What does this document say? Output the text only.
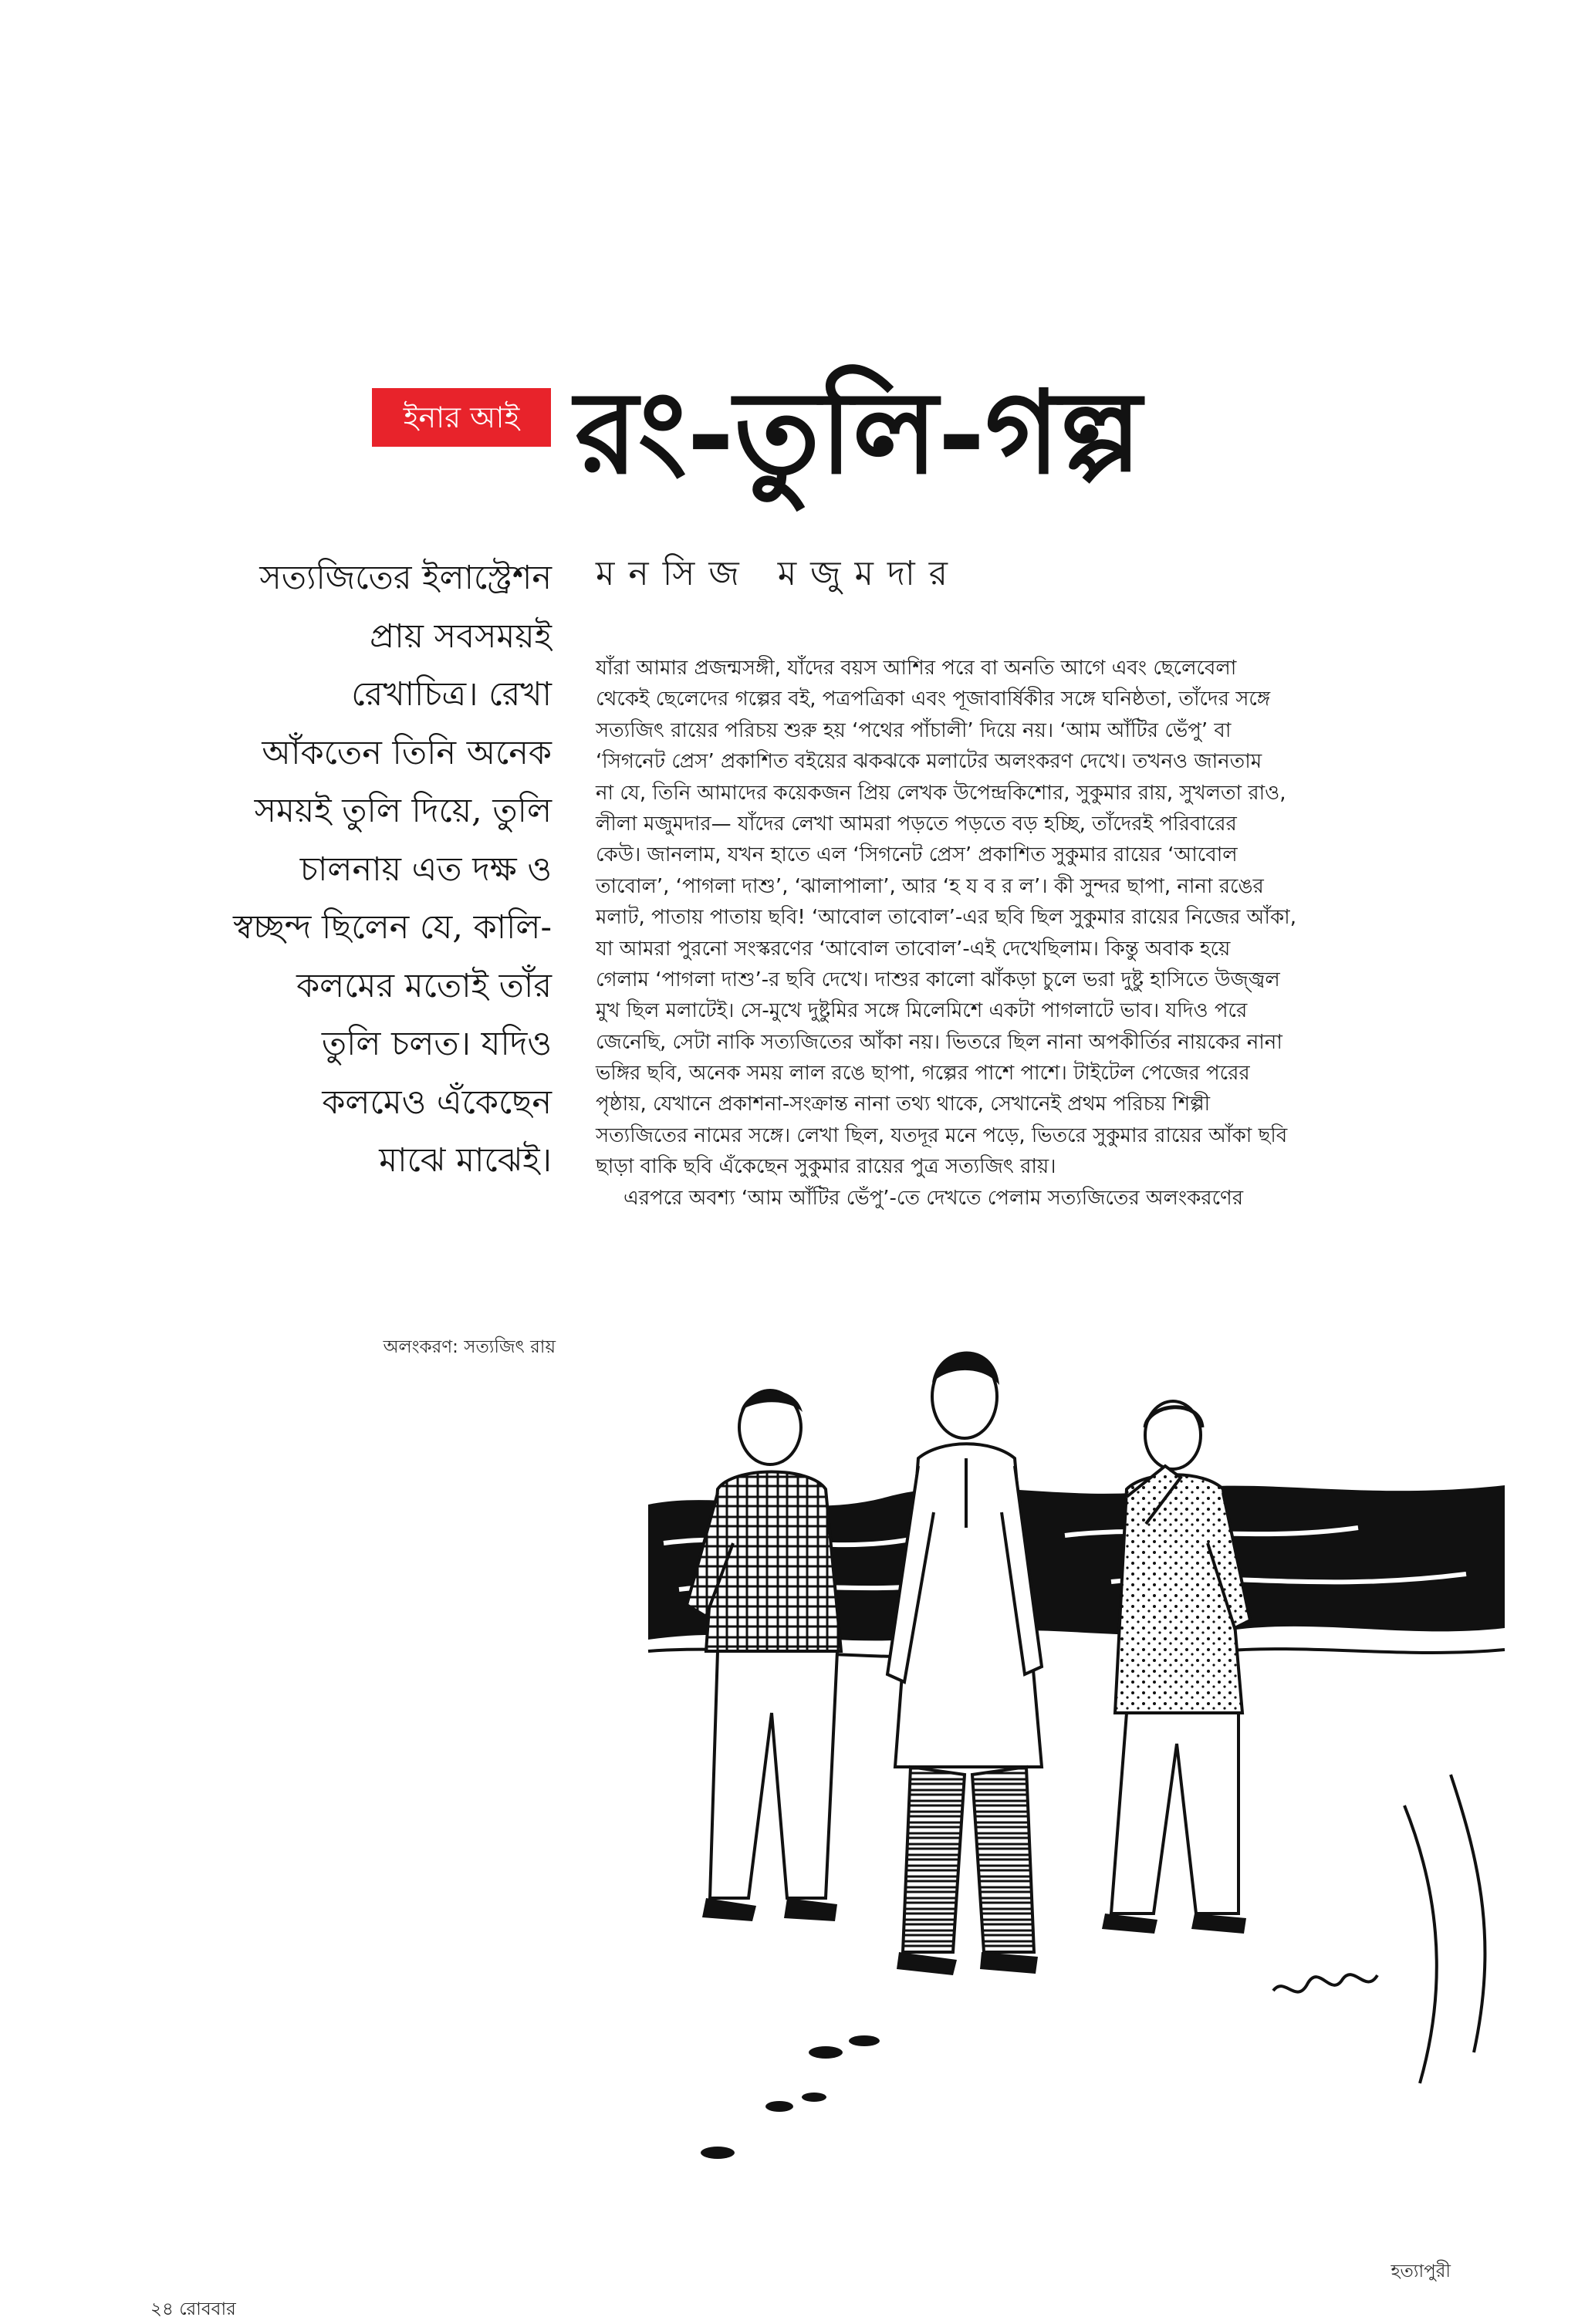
ইনার আই রং-তুলি-গল্প
মনসিজ মজুমদার
সত্যজিতের ইলাস্ট্রেশন
প্রায় সবসময়ই
রেখাচিত্র। রেখা
আঁকতেন তিনি অনেক
সময়ই তুলি দিয়ে, তুলি
চালনায় এত দক্ষ ও
স্বচ্ছন্দ ছিলেন যে, কালি-
কলমের মতোই তাঁর
তুলি চলত। যদিও
কলমেও এঁকেছেন
মাঝে মাঝেই।
যাঁরা আমার প্রজন্মসঙ্গী, যাঁদের বয়স আশির পরে বা অনতি আগে এবং ছেলেবেলা
থেকেই ছেলেদের গল্পের বই, পত্রপত্রিকা এবং পূজাবার্ষিকীর সঙ্গে ঘনিষ্ঠতা, তাঁদের সঙ্গে
সত্যজিৎ রায়ের পরিচয় শুরু হয় ‘পথের পাঁচালী’ দিয়ে নয়। ‘আম আঁটির ভেঁপু’ বা
‘সিগনেট প্রেস’ প্রকাশিত বইয়ের ঝকঝকে মলাটের অলংকরণ দেখে। তখনও জানতাম
না যে, তিনি আমাদের কয়েকজন প্রিয় লেখক উপেন্দ্রকিশোর, সুকুমার রায়, সুখলতা রাও,
লীলা মজুমদার— যাঁদের লেখা আমরা পড়তে পড়তে বড় হচ্ছি, তাঁদেরই পরিবারের
কেউ। জানলাম, যখন হাতে এল ‘সিগনেট প্রেস’ প্রকাশিত সুকুমার রায়ের ‘আবোল
তাবোল’, ‘পাগলা দাশু’, ‘ঝালাপালা’, আর ‘হ য ব র ল’। কী সুন্দর ছাপা, নানা রঙের
মলাট, পাতায় পাতায় ছবি! ‘আবোল তাবোল’-এর ছবি ছিল সুকুমার রায়ের নিজের আঁকা,
যা আমরা পুরনো সংস্করণের ‘আবোল তাবোল’-এই দেখেছিলাম। কিন্তু অবাক হয়ে
গেলাম ‘পাগলা দাশু’-র ছবি দেখে। দাশুর কালো ঝাঁকড়া চুলে ভরা দুষ্টু হাসিতে উজ্জ্বল
মুখ ছিল মলাটেই। সে-মুখে দুষ্টুমির সঙ্গে মিলেমিশে একটা পাগলাটে ভাব। যদিও পরে
জেনেছি, সেটা নাকি সত্যজিতের আঁকা নয়। ভিতরে ছিল নানা অপকীর্তির নায়কের নানা
ভঙ্গির ছবি, অনেক সময় লাল রঙে ছাপা, গল্পের পাশে পাশে। টাইটেল পেজের পরের
পৃষ্ঠায়, যেখানে প্রকাশনা-সংক্রান্ত নানা তথ্য থাকে, সেখানেই প্রথম পরিচয় শিল্পী
সত্যজিতের নামের সঙ্গে। লেখা ছিল, যতদূর মনে পড়ে, ভিতরে সুকুমার রায়ের আঁকা ছবি
ছাড়া বাকি ছবি এঁকেছেন সুকুমার রায়ের পুত্র সত্যজিৎ রায়।
এরপরে অবশ্য ‘আম আঁটির ভেঁপু’-তে দেখতে পেলাম সত্যজিতের অলংকরণের
অলংকরণ: সত্যজিৎ রায়
হত্যাপুরী
২৪ রোববার
